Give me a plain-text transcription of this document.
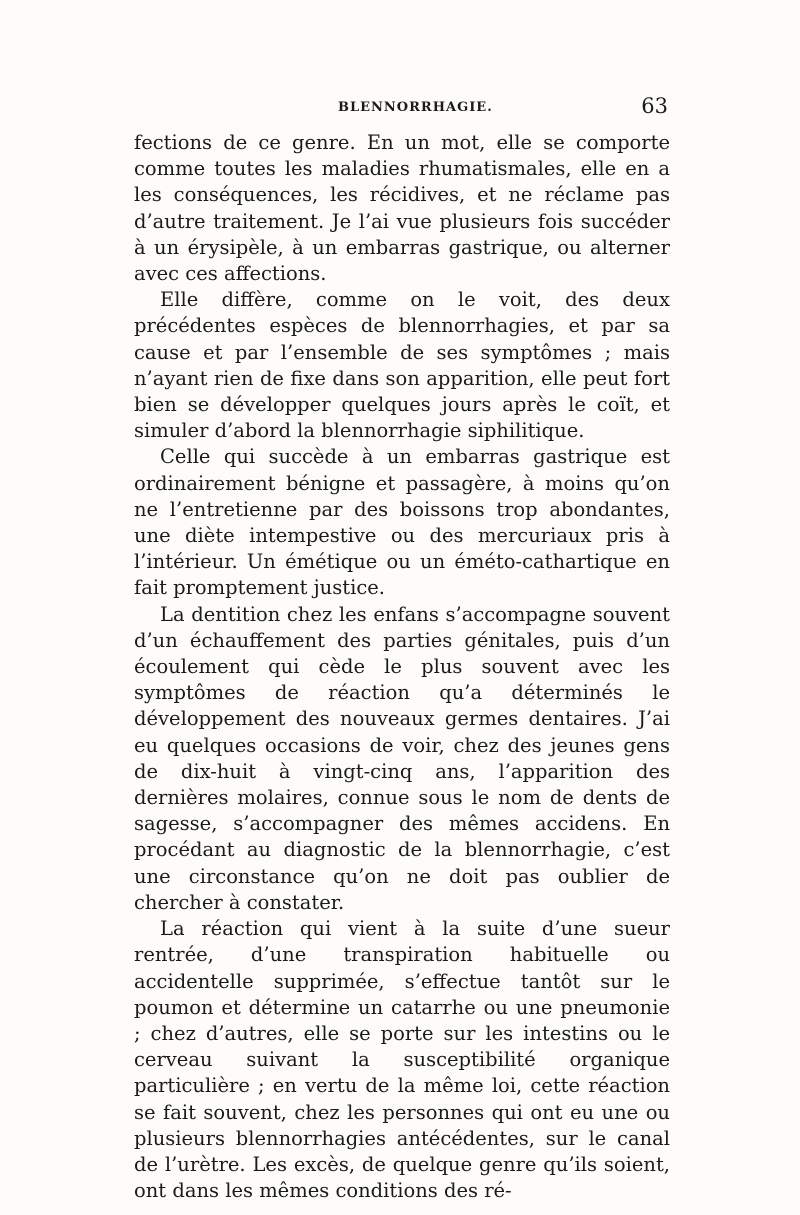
BLENNORRHAGIE.	63

fections de ce genre. En un mot, elle se comporte comme toutes les maladies rhumatismales, elle en a les conséquences, les récidives, et ne réclame pas d’autre traitement. Je l’ai vue plusieurs fois succéder à un érysipèle, à un embarras gastrique, ou alterner avec ces affections.

Elle diffère, comme on le voit, des deux précédentes espèces de blennorrhagies, et par sa cause et par l’ensemble de ses symptômes ; mais n’ayant rien de fixe dans son apparition, elle peut fort bien se développer quelques jours après le coït, et simuler d’abord la blennorrhagie siphilitique.

Celle qui succède à un embarras gastrique est ordinairement bénigne et passagère, à moins qu’on ne l’entretienne par des boissons trop abondantes, une diète intempestive ou des mercuriaux pris à l’intérieur. Un émétique ou un éméto-cathartique en fait promptement justice.

La dentition chez les enfans s’accompagne souvent d’un échauffement des parties génitales, puis d’un écoulement qui cède le plus souvent avec les symptômes de réaction qu’a déterminés le développement des nouveaux germes dentaires. J’ai eu quelques occasions de voir, chez des jeunes gens de dix-huit à vingt-cinq ans, l’apparition des dernières molaires, connue sous le nom de dents de sagesse, s’accompagner des mêmes accidens. En procédant au diagnostic de la blennorrhagie, c’est une circonstance qu’on ne doit pas oublier de chercher à constater.

La réaction qui vient à la suite d’une sueur rentrée, d’une transpiration habituelle ou accidentelle supprimée, s’effectue tantôt sur le poumon et détermine un catarrhe ou une pneumonie ; chez d’autres, elle se porte sur les intestins ou le cerveau suivant la susceptibilité organique particulière ; en vertu de la même loi, cette réaction se fait souvent, chez les personnes qui ont eu une ou plusieurs blennorrhagies antécédentes, sur le canal de l’urètre. Les excès, de quelque genre qu’ils soient, ont dans les mêmes conditions des ré-
